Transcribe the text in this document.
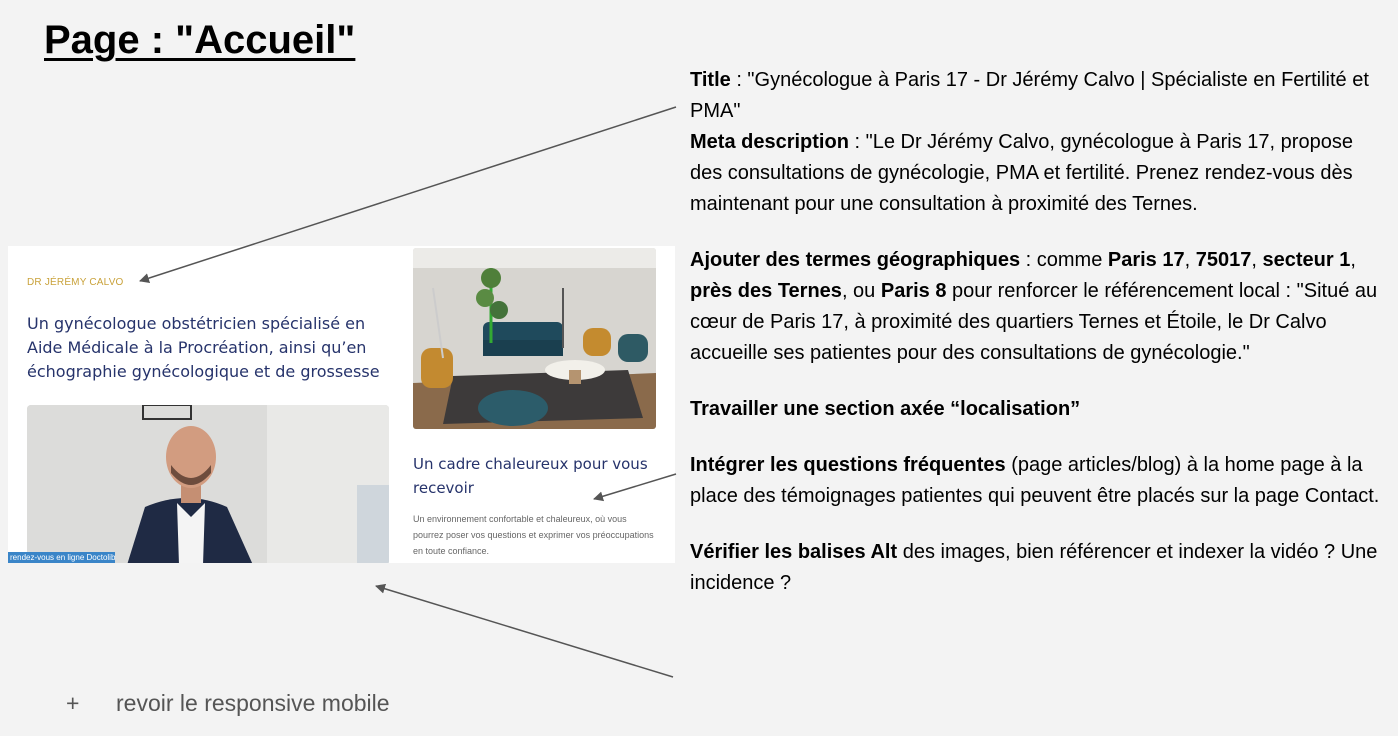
Page : "Accueil"
DR JÉRÉMY CALVO
Un gynécologue obstétricien spécialisé en Aide Médicale à la Procréation, ainsi qu’en échographie gynécologique et de grossesse
Un cadre chaleureux pour vous recevoir
Un environnement confortable et chaleureux, où vous pourrez poser vos questions et exprimer vos préoccupations en toute confiance.
rendez-vous en ligne Doctolib

Title : "Gynécologue à Paris 17 - Dr Jérémy Calvo | Spécialiste en Fertilité et PMA"
Meta description : "Le Dr Jérémy Calvo, gynécologue à Paris 17, propose des consultations de gynécologie, PMA et fertilité. Prenez rendez-vous dès maintenant pour une consultation à proximité des Ternes.

Ajouter des termes géographiques : comme Paris 17, 75017, secteur 1, près des Ternes, ou Paris 8 pour renforcer le référencement local : "Situé au cœur de Paris 17, à proximité des quartiers Ternes et Étoile, le Dr Calvo accueille ses patientes pour des consultations de gynécologie."

Travailler une section axée “localisation”

Intégrer les questions fréquentes (page articles/blog) à la home page à la place des témoignages patientes qui peuvent être placés sur la page Contact.

Vérifier les balises Alt des images, bien référencer et indexer la vidéo ? Une incidence ?

+ revoir le responsive mobile
